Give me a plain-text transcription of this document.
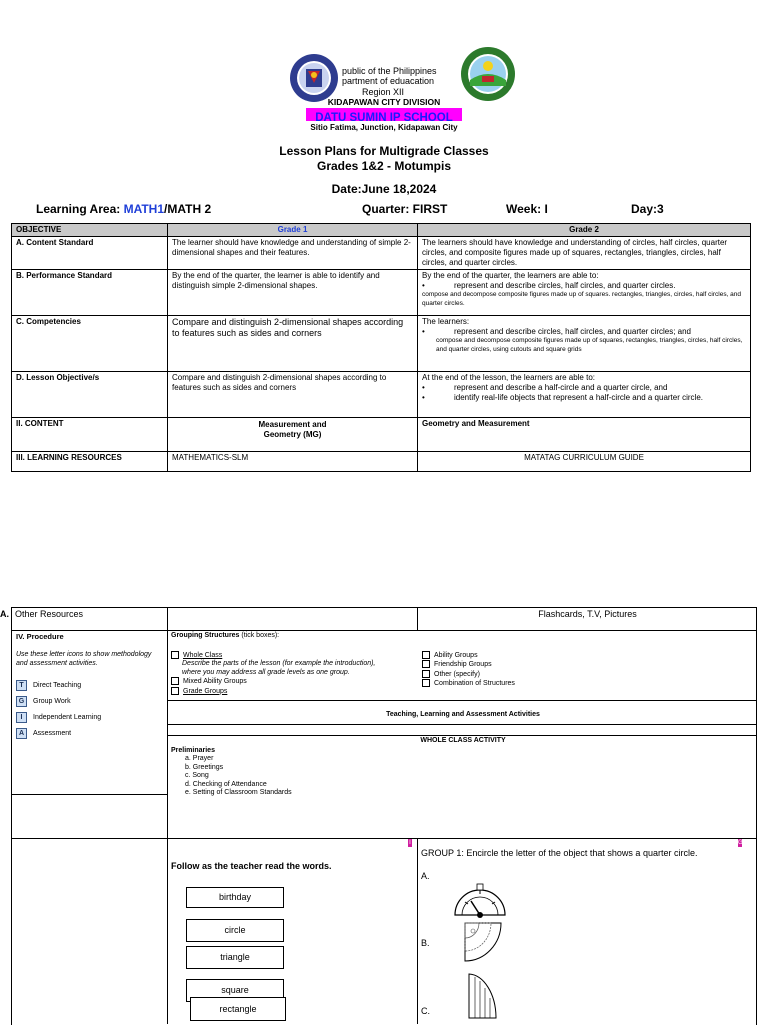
public of the Philippines
partment of eduacation
Region XII
KIDAPAWAN CITY DIVISION
DATU SUMIN IP SCHOOL
Sitio Fatima, Junction, Kidapawan City
Lesson Plans for Multigrade Classes
Grades 1&2 - Motumpis
Date:June 18,2024
Learning Area: MATH1/MATH 2	Quarter: FIRST	Week: I	Day:3
OBJECTIVE	Grade 1	Grade 2
A. Content Standard	The learner should have knowledge and understanding of simple 2-dimensional shapes and their features.	The learners should have knowledge and understanding of circles, half circles, quarter circles, and composite figures made up of squares, rectangles, triangles, circles, half circles, and quarter circles.
B. Performance Standard	By the end of the quarter, the learner is able to identify and distinguish simple 2-dimensional shapes.	By the end of the quarter, the learners are able to:
• represent and describe circles, half circles, and quarter circles.
compose and decompose composite figures made up of squares. rectangles, triangles, circles, half circles, and quarter circles.

C. Competencies	Compare and distinguish 2-dimensional shapes according to features such as sides and corners	The learners:
• represent and describe circles, half circles, and quarter circles; and
compose and decompose composite figures made up of squares, rectangles, triangles, circles, half circles, and quarter circles, using cutouts and square grids

D. Lesson Objective/s	Compare and distinguish 2-dimensional shapes according to features such as sides and corners	At the end of the lesson, the learners are able to:
• represent and describe a half-circle and a quarter circle, and
• identify real-life objects that represent a half-circle and a quarter circle.

II. CONTENT	Measurement and Geometry (MG)	Geometry and Measurement
III. LEARNING RESOURCES	MATHEMATICS-SLM	MATATAG CURRICULUM GUIDE
A. Other Resources	Flashcards, T.V, Pictures
IV. Procedure
Use these letter icons to show methodology and assessment activities.
T	Direct Teaching
G	Group Work
I	Independent Learning
A	Assessment
Grouping Structures (tick boxes):
Whole Class
Describe the parts of the lesson (for example the introduction),
where you may address all grade levels as one group.
Mixed Ability Groups
Grade Groups
Ability Groups
Friendship Groups
Other (specify)
Combination of Structures
Teaching, Learning and Assessment Activities
WHOLE CLASS ACTIVITY
Preliminaries
a. Prayer
b. Greetings
c. Song
d. Checking of Attendance
e. Setting of Classroom Standards
I
Follow as the teacher read the words.
birthday
circle
triangle
square
rectangle
G
GROUP 1: Encircle the letter of the object that shows a quarter circle.
A.
B.
C.
